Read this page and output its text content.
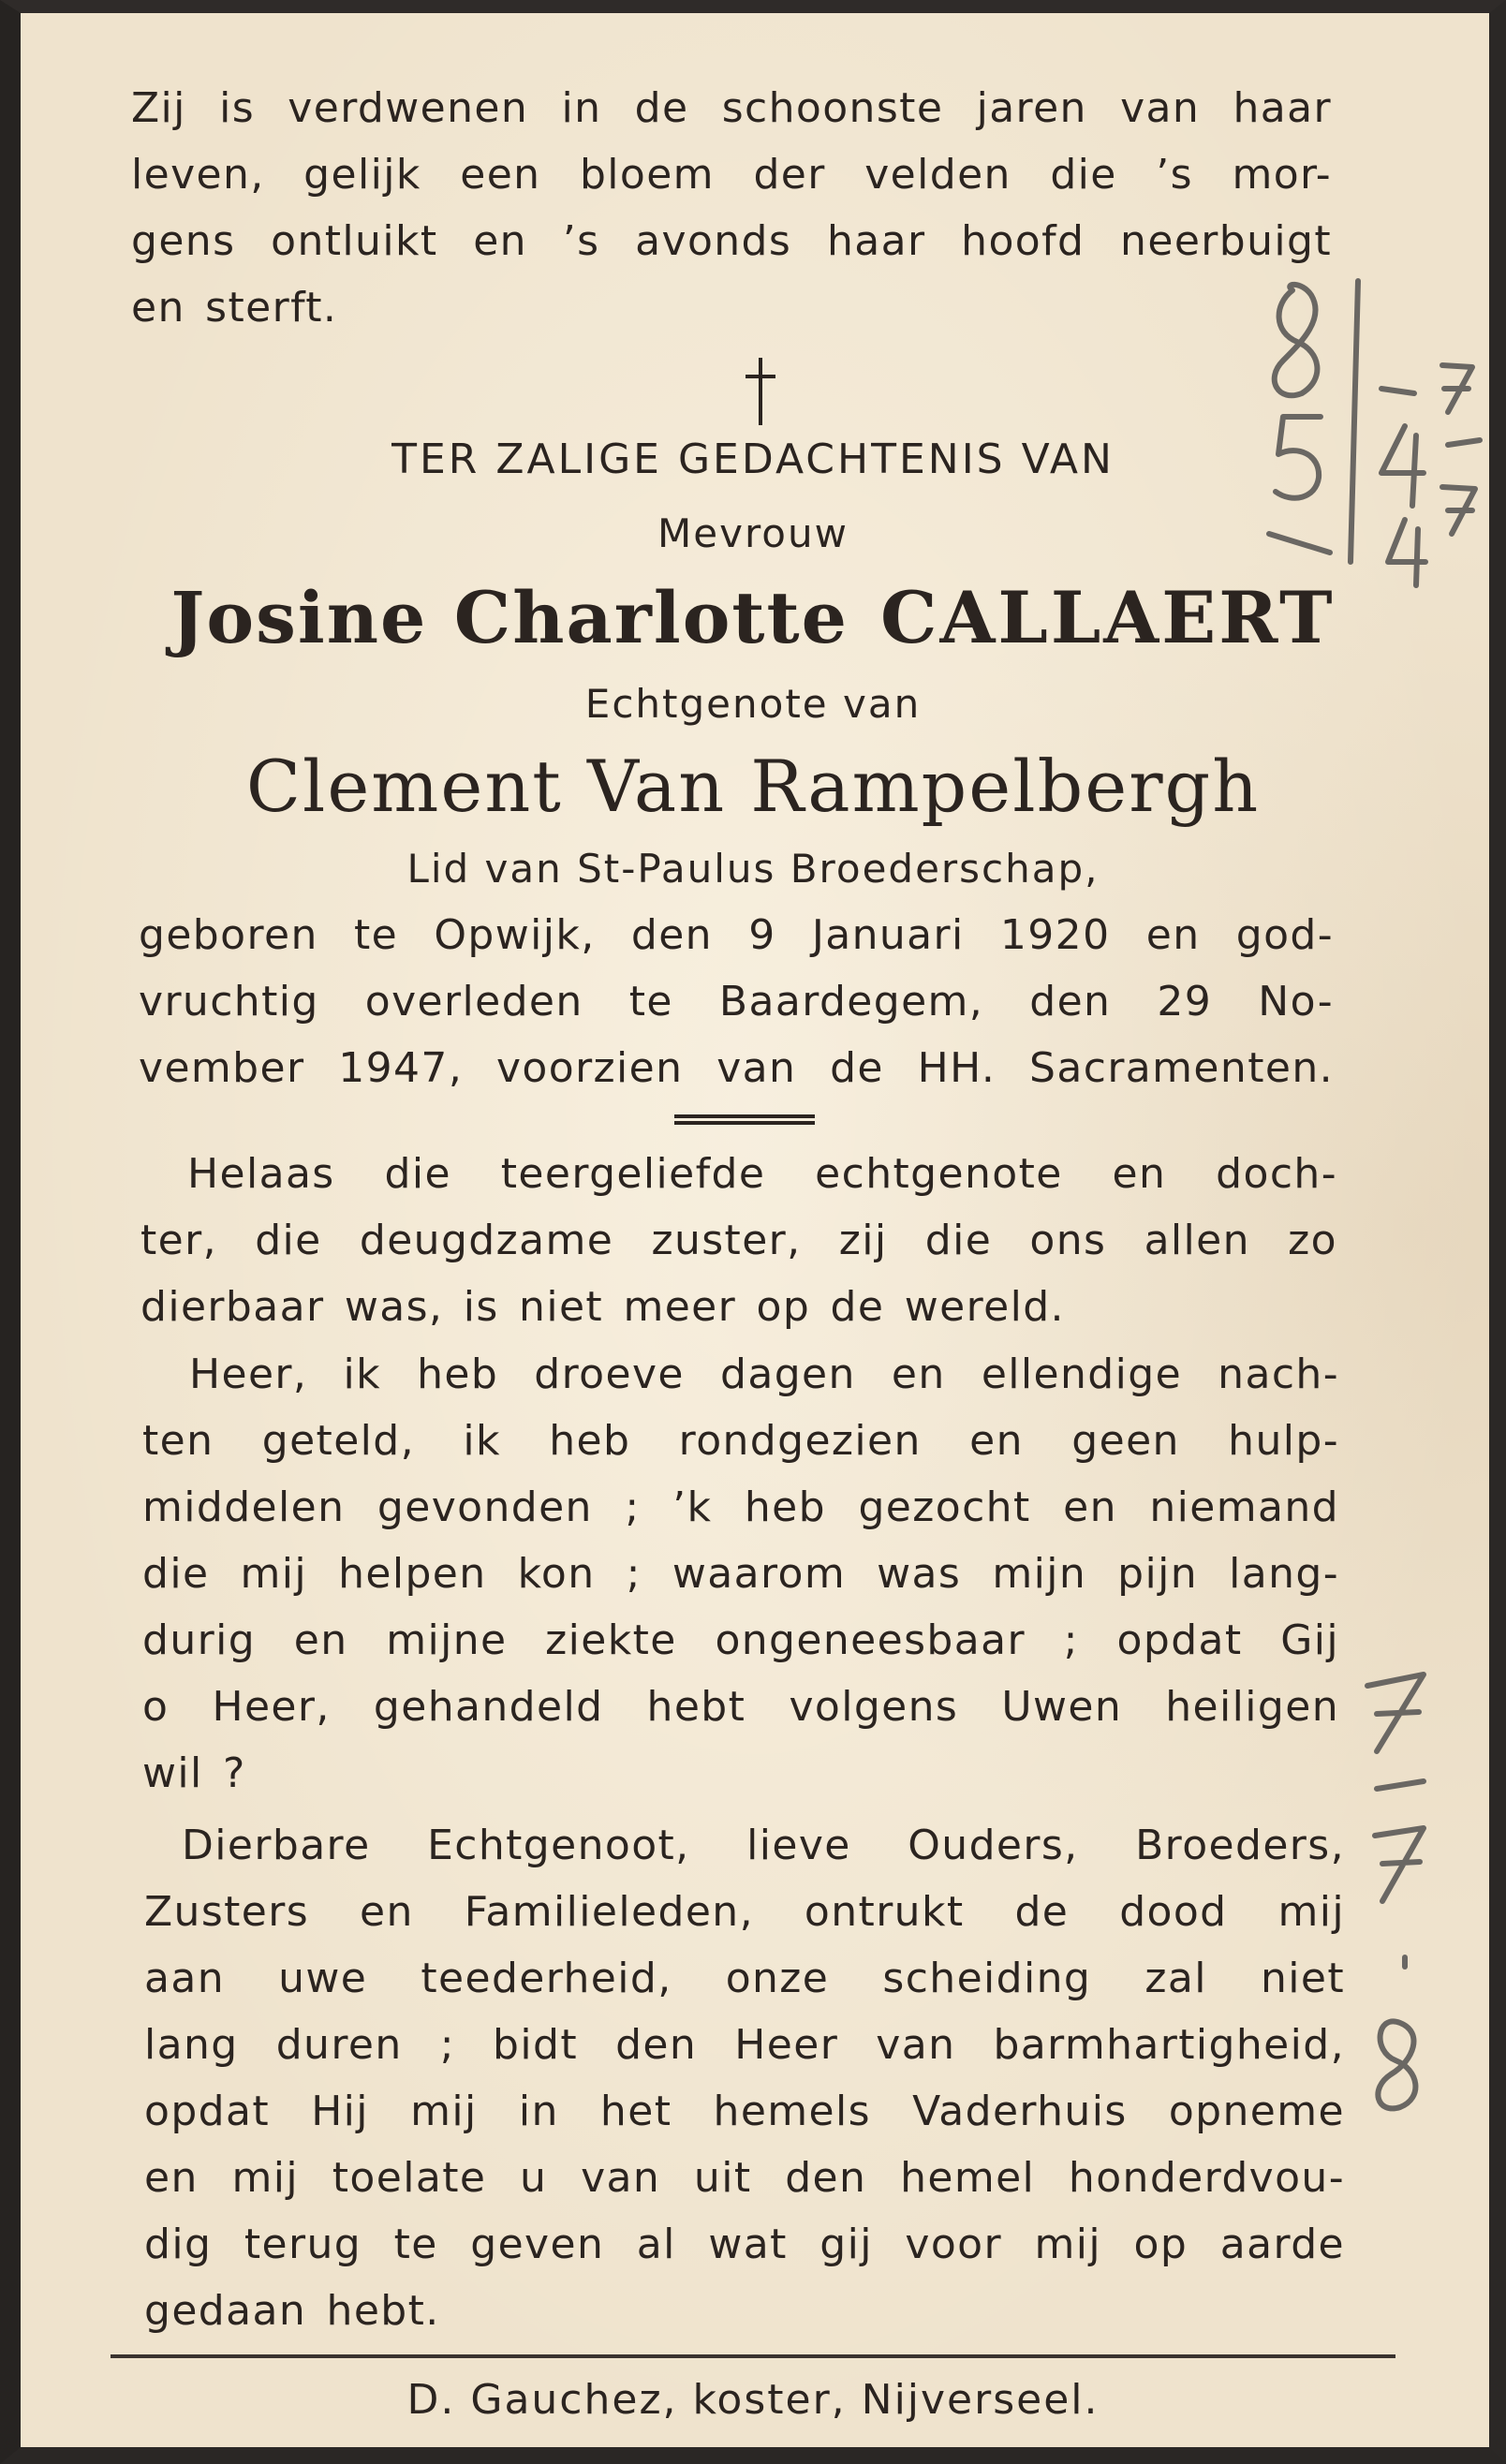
Zij is verdwenen in de schoonste jaren van haar
leven, gelijk een bloem der velden die ’s mor-
gens ontluikt en ’s avonds haar hoofd neerbuigt
en sterft.

TER ZALIGE GEDACHTENIS VAN

Mevrouw

Josine Charlotte CALLAERT

Echtgenote van

Clement Van Rampelbergh

Lid van St-Paulus Broederschap,

geboren te Opwijk, den 9 Januari 1920 en god-
vruchtig overleden te Baardegem, den 29 No-
vember 1947, voorzien van de HH. Sacramenten.
Helaas die teergeliefde echtgenote en doch-
ter, die deugdzame zuster, zij die ons allen zo
dierbaar was, is niet meer op de wereld.
Heer, ik heb droeve dagen en ellendige nach-
ten geteld, ik heb rondgezien en geen hulp-
middelen gevonden ; ’k heb gezocht en niemand
die mij helpen kon ; waarom was mijn pijn lang-
durig en mijne ziekte ongeneesbaar ; opdat Gij
o Heer, gehandeld hebt volgens Uwen heiligen
wil ?
Dierbare Echtgenoot, lieve Ouders, Broeders,
Zusters en Familieleden, ontrukt de dood mij
aan uwe teederheid, onze scheiding zal niet
lang duren ; bidt den Heer van barmhartigheid,
opdat Hij mij in het hemels Vaderhuis opneme
en mij toelate u van uit den hemel honderdvou-
dig terug te geven al wat gij voor mij op aarde
gedaan hebt.

D. Gauchez, koster, Nijverseel.
